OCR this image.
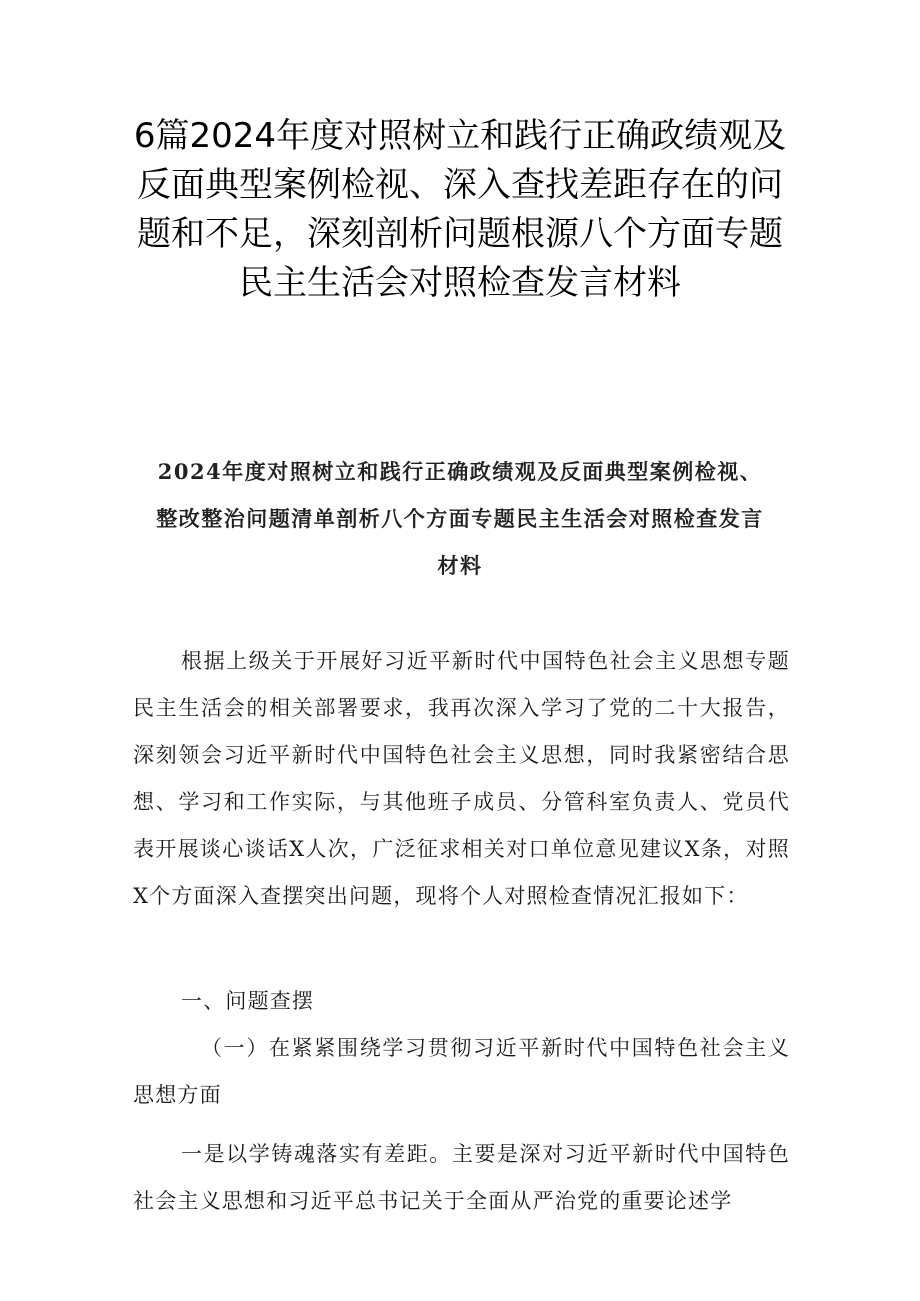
6篇2024年度对照树立和践行正确政绩观及反面典型案例检视、深入查找差距存在的问题和不足，深刻剖析问题根源八个方面专题民主生活会对照检查发言材料
2024年度对照树立和践行正确政绩观及反面典型案例检视、整改整治问题清单剖析八个方面专题民主生活会对照检查发言材料

根据上级关于开展好习近平新时代中国特色社会主义思想专题民主生活会的相关部署要求，我再次深入学习了党的二十大报告，深刻领会习近平新时代中国特色社会主义思想，同时我紧密结合思想、学习和工作实际，与其他班子成员、分管科室负责人、党员代表开展谈心谈话X人次，广泛征求相关对口单位意见建议X条，对照X个方面深入查摆突出问题，现将个人对照检查情况汇报如下：

一、问题查摆

（一）在紧紧围绕学习贯彻习近平新时代中国特色社会主义思想方面

一是以学铸魂落实有差距。主要是深对习近平新时代中国特色社会主义思想和习近平总书记关于全面从严治党的重要论述学
